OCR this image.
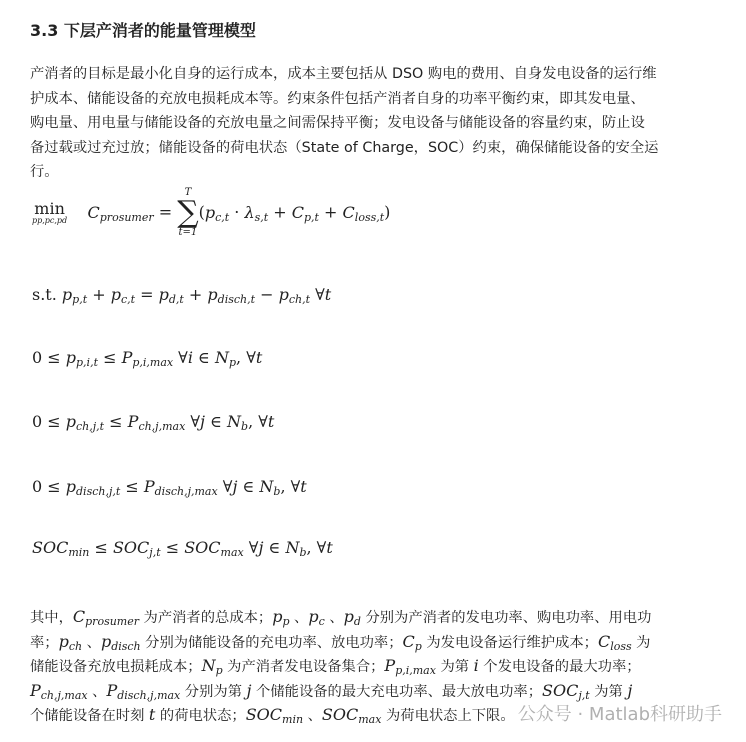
3.3 下层产消者的能量管理模型
产消者的目标是最小化自身的运行成本，成本主要包括从 DSO 购电的费用、自身发电设备的运行维
护成本、储能设备的充放电损耗成本等。约束条件包括产消者自身的功率平衡约束，即其发电量、
购电量、用电量与储能设备的充放电量之间需保持平衡；发电设备与储能设备的容量约束，防止设
备过载或过充过放；储能设备的荷电状态（State of Charge，SOC）约束，确保储能设备的安全运
行。
min
pp,pc,pd $C_{prosumer}$ =
T
∑
t=1
$(p_{c,t} \cdot \lambda_{s,t} + C_{p,t} + C_{loss,t})$
s.t. $p_{p,t} + p_{c,t} = p_{d,t} + p_{disch,t} - p_{ch,t}$ ∀t
$0 \le p_{p,i,t} \le P_{p,i,max}$ ∀i ∈ $N_p$, ∀t
$0 \le p_{ch,j,t} \le P_{ch,j,max}$ ∀j ∈ $N_b$, ∀t
$0 \le p_{disch,j,t} \le P_{disch,j,max}$ ∀j ∈ $N_b$, ∀t
$SOC_{min} \le SOC_{j,t} \le SOC_{max}$ ∀j ∈ $N_b$, ∀t
其中，$C_{prosumer}$ 为产消者的总成本；$p_p$ 、$p_c$ 、$p_d$ 分别为产消者的发电功率、购电功率、用电功
率；$p_{ch}$ 、$p_{disch}$ 分别为储能设备的充电功率、放电功率；$C_p$ 为发电设备运行维护成本；$C_{loss}$ 为
储能设备充放电损耗成本；$N_p$ 为产消者发电设备集合；$P_{p,i,max}$ 为第 i 个发电设备的最大功率；
$P_{ch,j,max}$ 、$P_{disch,j,max}$ 分别为第 j 个储能设备的最大充电功率、最大放电功率；$SOC_{j,t}$ 为第 j
个储能设备在时刻 t 的荷电状态；$SOC_{min}$ 、$SOC_{max}$ 为荷电状态上下限。 公众号 · Matlab科研助手
